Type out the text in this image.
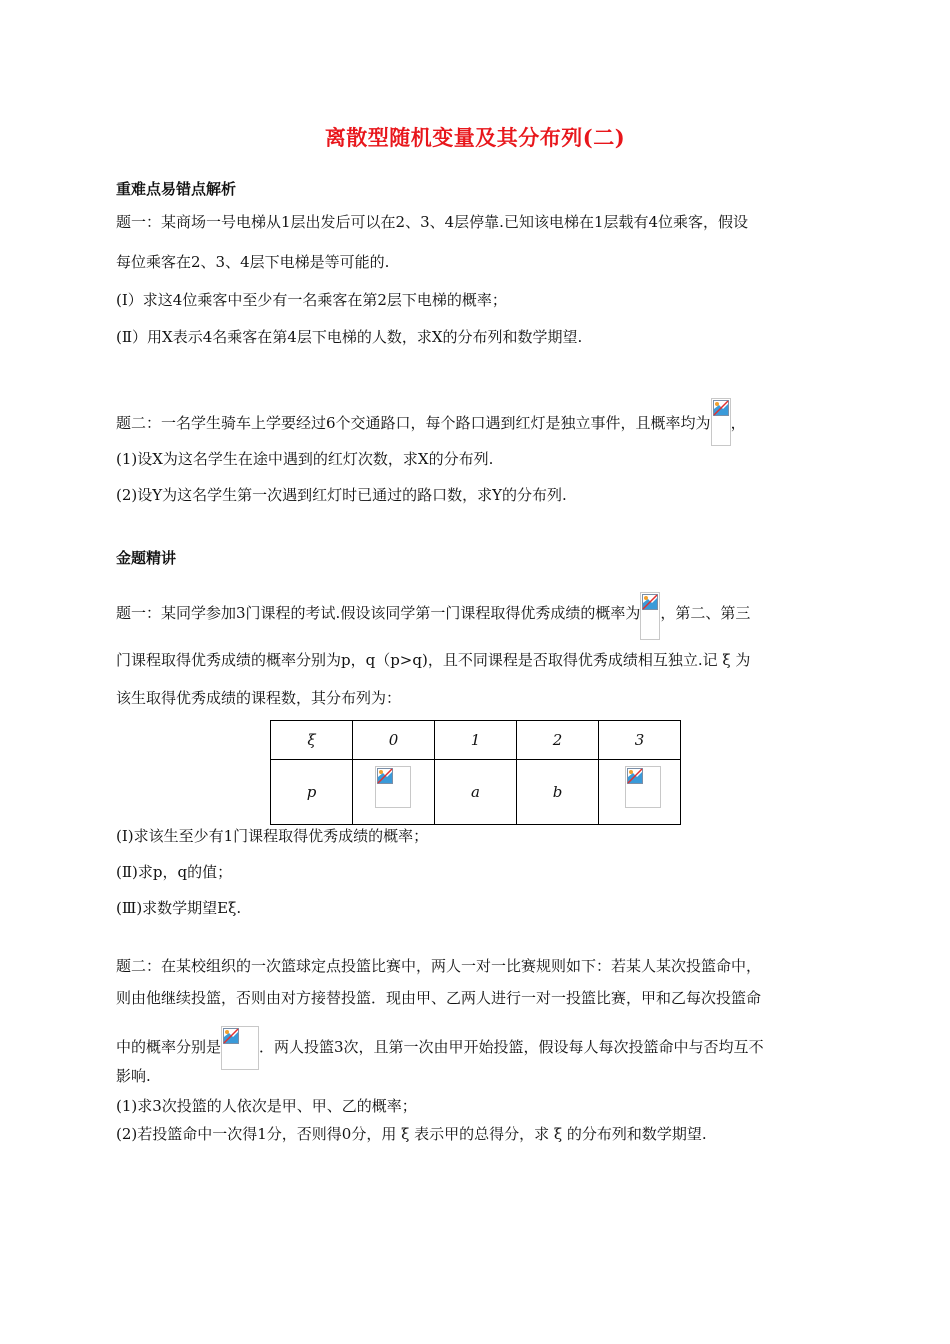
离散型随机变量及其分布列(二)
重难点易错点解析
题一：某商场一号电梯从1层出发后可以在2、3、4层停靠.已知该电梯在1层载有4位乘客，假设
每位乘客在2、3、4层下电梯是等可能的.
(Ⅰ）求这4位乘客中至少有一名乘客在第2层下电梯的概率；
(Ⅱ）用X表示4名乘客在第4层下电梯的人数，求X的分布列和数学期望.
题二：一名学生骑车上学要经过6个交通路口，每个路口遇到红灯是独立事件，且概率均为 ，
(1)设X为这名学生在途中遇到的红灯次数，求X的分布列.
(2)设Y为这名学生第一次遇到红灯时已通过的路口数，求Y的分布列.
金题精讲
题一：某同学参加3门课程的考试.假设该同学第一门课程取得优秀成绩的概率为 ，第二、第三
门课程取得优秀成绩的概率分别为p，q（p>q)，且不同课程是否取得优秀成绩相互独立.记 ξ 为
该生取得优秀成绩的课程数，其分布列为：
ξ	0	1	2	3
p		a	b	
(Ⅰ)求该生至少有1门课程取得优秀成绩的概率；
(Ⅱ)求p，q的值；
(Ⅲ)求数学期望Eξ.
题二：在某校组织的一次篮球定点投篮比赛中，两人一对一比赛规则如下：若某人某次投篮命中，
则由他继续投篮，否则由对方接替投篮．现由甲、乙两人进行一对一投篮比赛，甲和乙每次投篮命
中的概率分别是	．两人投篮3次，且第一次由甲开始投篮，假设每人每次投篮命中与否均互不
影响.
(1)求3次投篮的人依次是甲、甲、乙的概率；
(2)若投篮命中一次得1分，否则得0分，用 ξ 表示甲的总得分，求 ξ 的分布列和数学期望.
